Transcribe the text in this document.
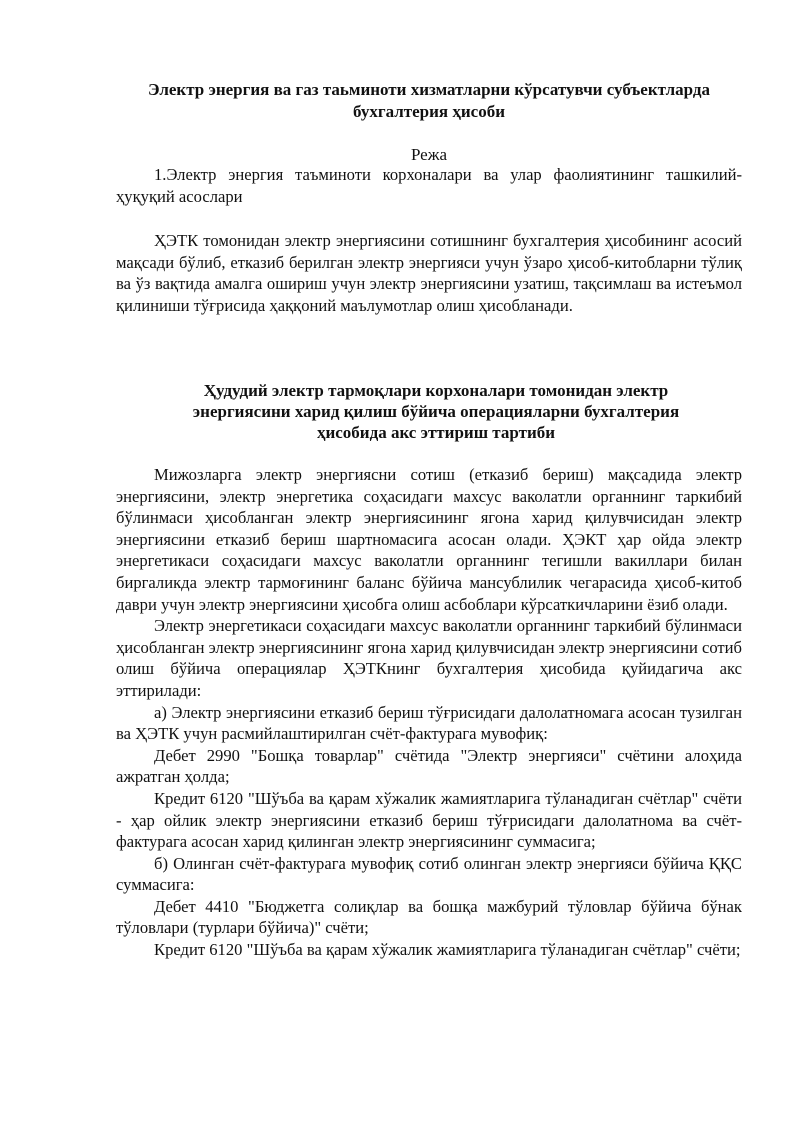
Электр энергия ва газ таьминоти хизматларни кўрсатувчи субъектларда бухгалтерия ҳисоби

Режа

1.Электр энергия таъминоти корхоналари ва улар фаолиятининг ташкилий-ҳуқуқий асослари

ҲЭТК томонидан электр энергиясини сотишнинг бухгалтерия ҳисобининг асосий мақсади бўлиб, етказиб берилган электр энергияси учун ўзаро ҳисоб-китобларни тўлиқ ва ўз вақтида амалга ошириш учун электр энергиясини узатиш, тақсимлаш ва истеъмол қилиниши тўғрисида ҳаққоний маълумотлар олиш ҳисобланади.

Ҳудудий электр тармоқлари корхоналари томонидан электр энергиясини харид қилиш бўйича операцияларни бухгалтерия ҳисобида акс эттириш тартиби

Мижозларга электр энергиясни сотиш (етказиб бериш) мақсадида электр энергиясини, электр энергетика соҳасидаги махсус ваколатли органнинг таркибий бўлинмаси ҳисобланган электр энергиясининг ягона харид қилувчисидан электр энергиясини етказиб бериш шартномасига асосан олади. ҲЭКТ ҳар ойда электр энергетикаси соҳасидаги махсус ваколатли органнинг тегишли вакиллари билан биргаликда электр тармоғининг баланс бўйича мансублилик чегарасида ҳисоб-китоб даври учун электр энергиясини ҳисобга олиш асбоблари кўрсаткичларини ёзиб олади.

Электр энергетикаси соҳасидаги махсус ваколатли органнинг таркибий бўлинмаси ҳисобланган электр энергиясининг ягона харид қилувчисидан электр энергиясини сотиб олиш бўйича операциялар ҲЭТКнинг бухгалтерия ҳисобида қуйидагича акс эттирилади:

а) Электр энергиясини етказиб бериш тўғрисидаги далолатномага асосан тузилган ва ҲЭТК учун расмийлаштирилган счёт-фактурага мувофиқ:

Дебет 2990 "Бошқа товарлар" счётида "Электр энергияси" счётини алоҳида ажратган ҳолда;

Кредит 6120 "Шўъба ва қарам хўжалик жамиятларига тўланадиган счётлар" счёти - ҳар ойлик электр энергиясини етказиб бериш тўғрисидаги далолатнома ва счёт-фактурага асосан харид қилинган электр энергиясининг суммасига;

б) Олинган счёт-фактурага мувофиқ сотиб олинган электр энергияси бўйича ҚҚС суммасига:

Дебет 4410 "Бюджетга солиқлар ва бошқа мажбурий тўловлар бўйича бўнак тўловлари (турлари бўйича)" счёти;

Кредит 6120 "Шўъба ва қарам хўжалик жамиятларига тўланадиган счётлар" счёти;
